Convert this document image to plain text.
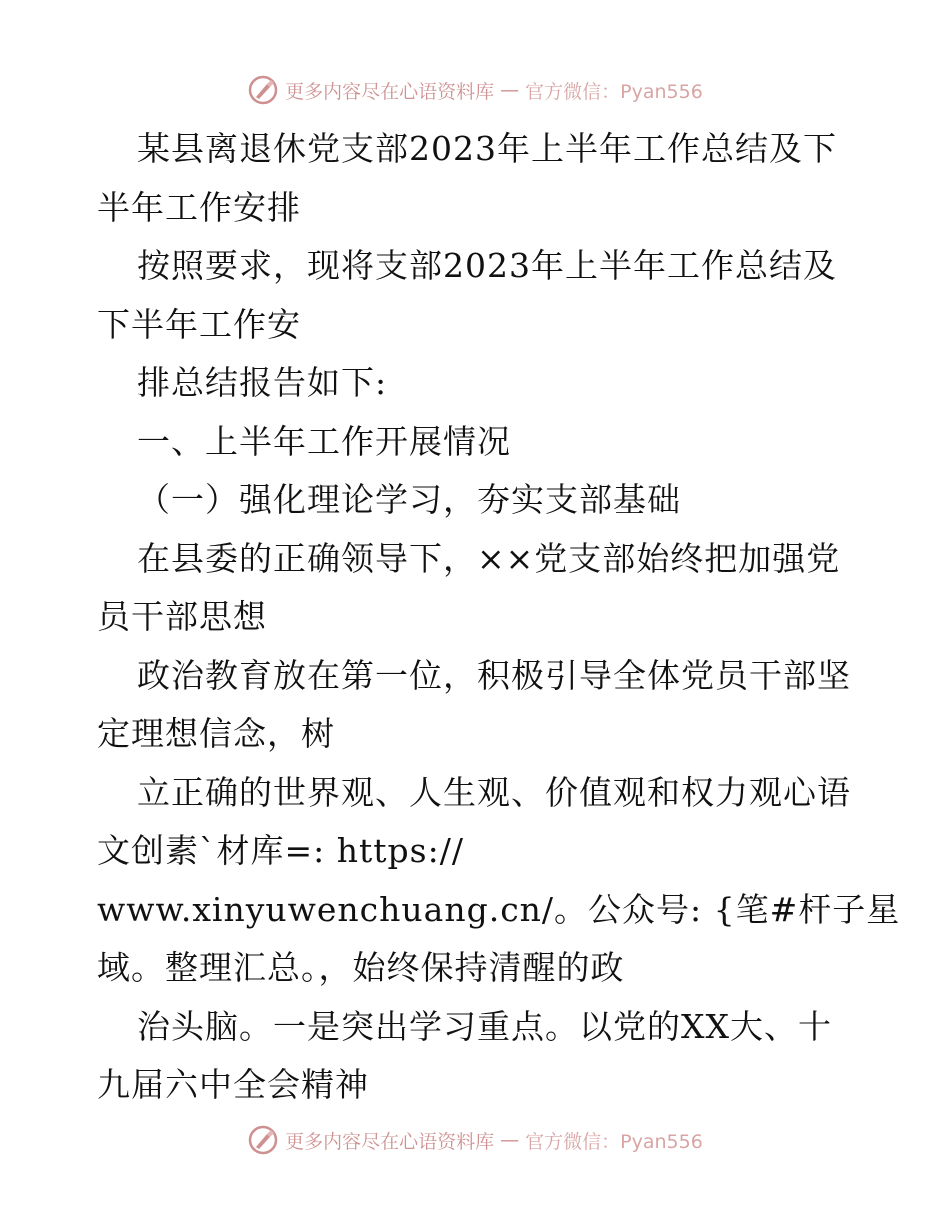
更多内容尽在心语资料库 — 官方微信：Pyan556
某县离退休党支部2023年上半年工作总结及下
半年工作安排
按照要求，现将支部2023年上半年工作总结及
下半年工作安
排总结报告如下:
一、上半年工作开展情况
（一）强化理论学习，夯实支部基础
在县委的正确领导下，××党支部始终把加强党
员干部思想
政治教育放在第一位，积极引导全体党员干部坚
定理想信念，树
立正确的世界观、人生观、价值观和权力观心语
文创素`材库=: https://
www.xinyuwenchuang.cn/。公众号: {笔#杆子星
域。整理汇总。，始终保持清醒的政
治头脑。一是突出学习重点。以党的XX大、十
九届六中全会精神
更多内容尽在心语资料库 — 官方微信：Pyan556
